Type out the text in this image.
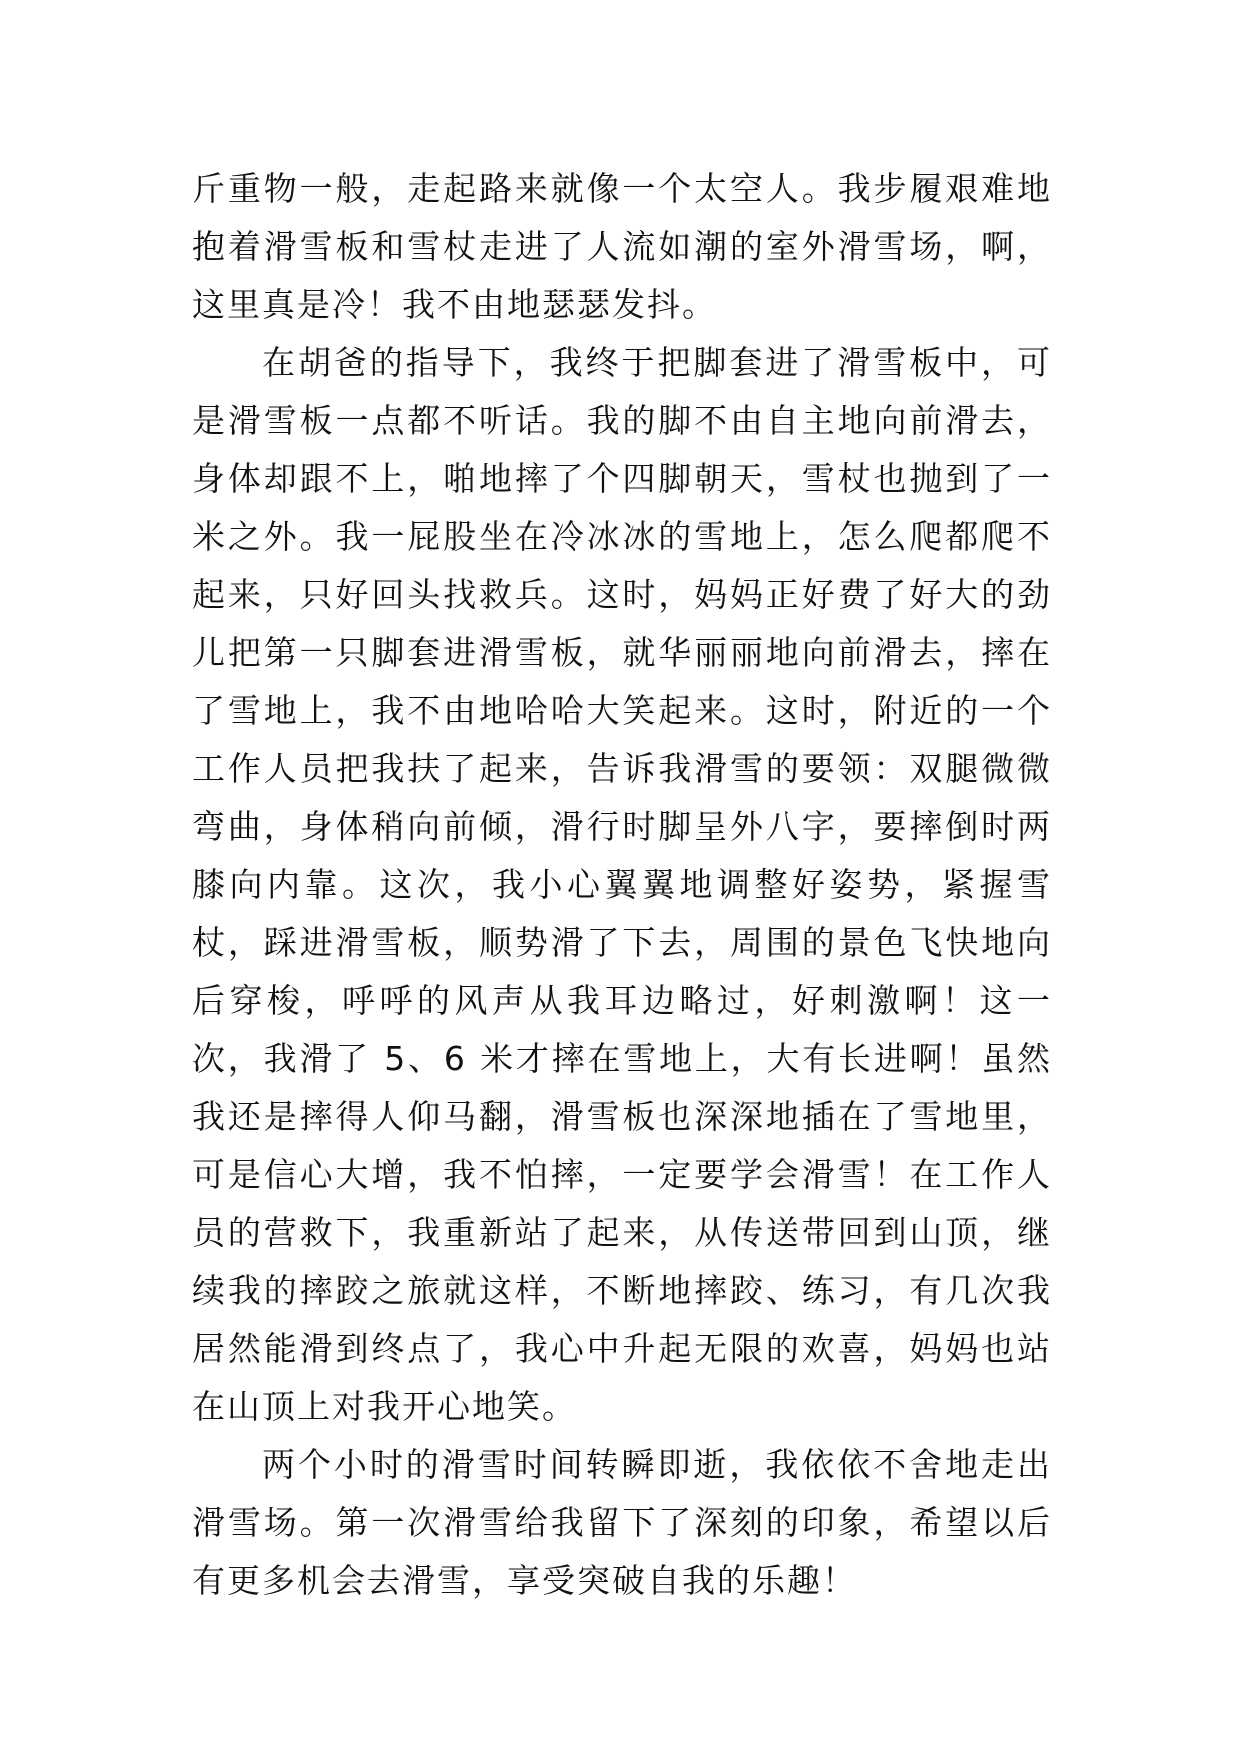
斤重物一般，走起路来就像一个太空人。我步履艰难地抱着滑雪板和雪杖走进了人流如潮的室外滑雪场，啊，这里真是冷！我不由地瑟瑟发抖。

在胡爸的指导下，我终于把脚套进了滑雪板中，可是滑雪板一点都不听话。我的脚不由自主地向前滑去，身体却跟不上，啪地摔了个四脚朝天，雪杖也抛到了一米之外。我一屁股坐在冷冰冰的雪地上，怎么爬都爬不起来，只好回头找救兵。这时，妈妈正好费了好大的劲儿把第一只脚套进滑雪板，就华丽丽地向前滑去，摔在了雪地上，我不由地哈哈大笑起来。这时，附近的一个工作人员把我扶了起来，告诉我滑雪的要领：双腿微微弯曲，身体稍向前倾，滑行时脚呈外八字，要摔倒时两膝向内靠。这次，我小心翼翼地调整好姿势，紧握雪杖，踩进滑雪板，顺势滑了下去，周围的景色飞快地向后穿梭，呼呼的风声从我耳边略过，好刺激啊！这一次，我滑了 5、6 米才摔在雪地上，大有长进啊！虽然我还是摔得人仰马翻，滑雪板也深深地插在了雪地里，可是信心大增，我不怕摔，一定要学会滑雪！在工作人员的营救下，我重新站了起来，从传送带回到山顶，继续我的摔跤之旅就这样，不断地摔跤、练习，有几次我居然能滑到终点了，我心中升起无限的欢喜，妈妈也站在山顶上对我开心地笑。

两个小时的滑雪时间转瞬即逝，我依依不舍地走出滑雪场。第一次滑雪给我留下了深刻的印象，希望以后有更多机会去滑雪，享受突破自我的乐趣！
